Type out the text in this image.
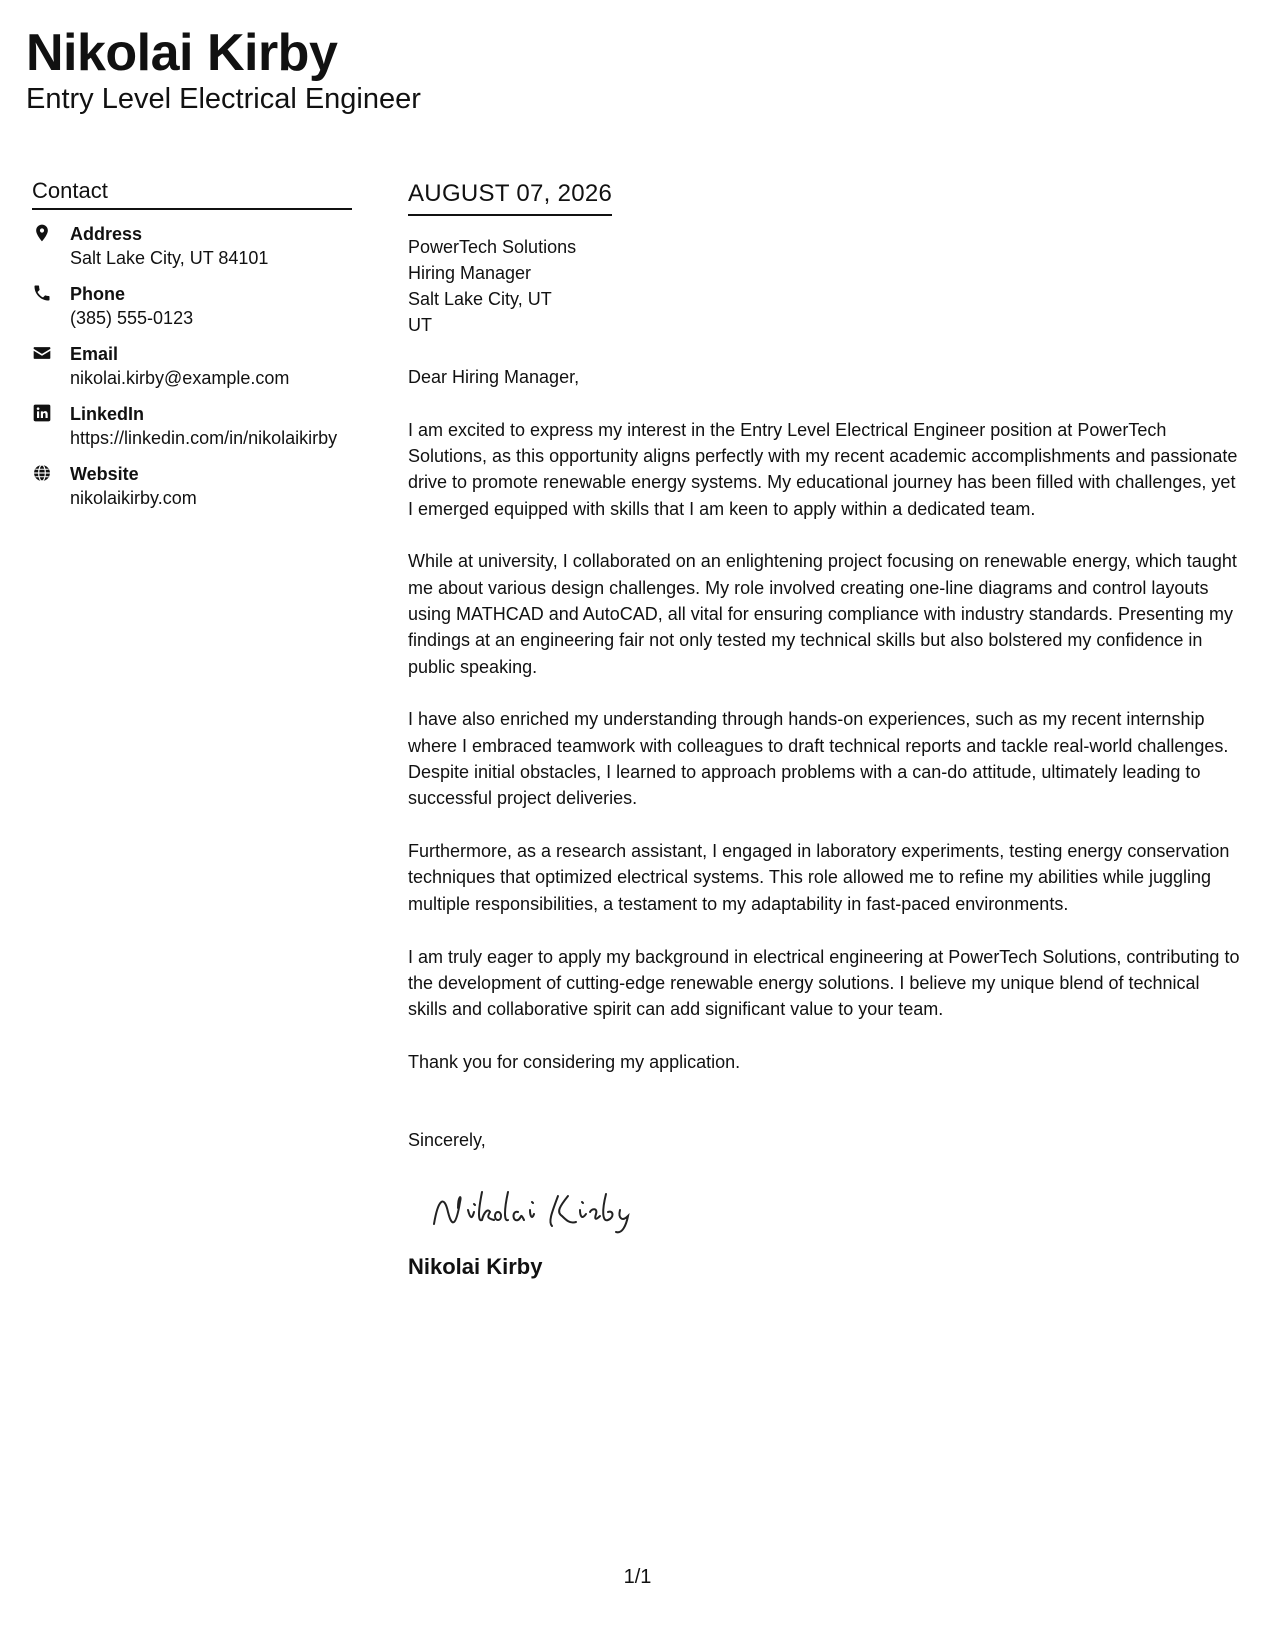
Nikolai Kirby
Entry Level Electrical Engineer
Contact
Address
Salt Lake City, UT 84101
Phone
(385) 555-0123
Email
nikolai.kirby@example.com
LinkedIn
https://linkedin.com/in/nikolaikirby
Website
nikolaikirby.com
AUGUST 07, 2026
PowerTech Solutions
Hiring Manager
Salt Lake City, UT
UT
Dear Hiring Manager,

I am excited to express my interest in the Entry Level Electrical Engineer position at PowerTech Solutions, as this opportunity aligns perfectly with my recent academic accomplishments and passionate drive to promote renewable energy systems. My educational journey has been filled with challenges, yet I emerged equipped with skills that I am keen to apply within a dedicated team.

While at university, I collaborated on an enlightening project focusing on renewable energy, which taught me about various design challenges. My role involved creating one-line diagrams and control layouts using MATHCAD and AutoCAD, all vital for ensuring compliance with industry standards. Presenting my findings at an engineering fair not only tested my technical skills but also bolstered my confidence in public speaking.

I have also enriched my understanding through hands-on experiences, such as my recent internship where I embraced teamwork with colleagues to draft technical reports and tackle real-world challenges. Despite initial obstacles, I learned to approach problems with a can-do attitude, ultimately leading to successful project deliveries.

Furthermore, as a research assistant, I engaged in laboratory experiments, testing energy conservation techniques that optimized electrical systems. This role allowed me to refine my abilities while juggling multiple responsibilities, a testament to my adaptability in fast-paced environments.

I am truly eager to apply my background in electrical engineering at PowerTech Solutions, contributing to the development of cutting-edge renewable energy solutions. I believe my unique blend of technical skills and collaborative spirit can add significant value to your team.

Thank you for considering my application.

Sincerely,
Nikolai Kirby
1/1
